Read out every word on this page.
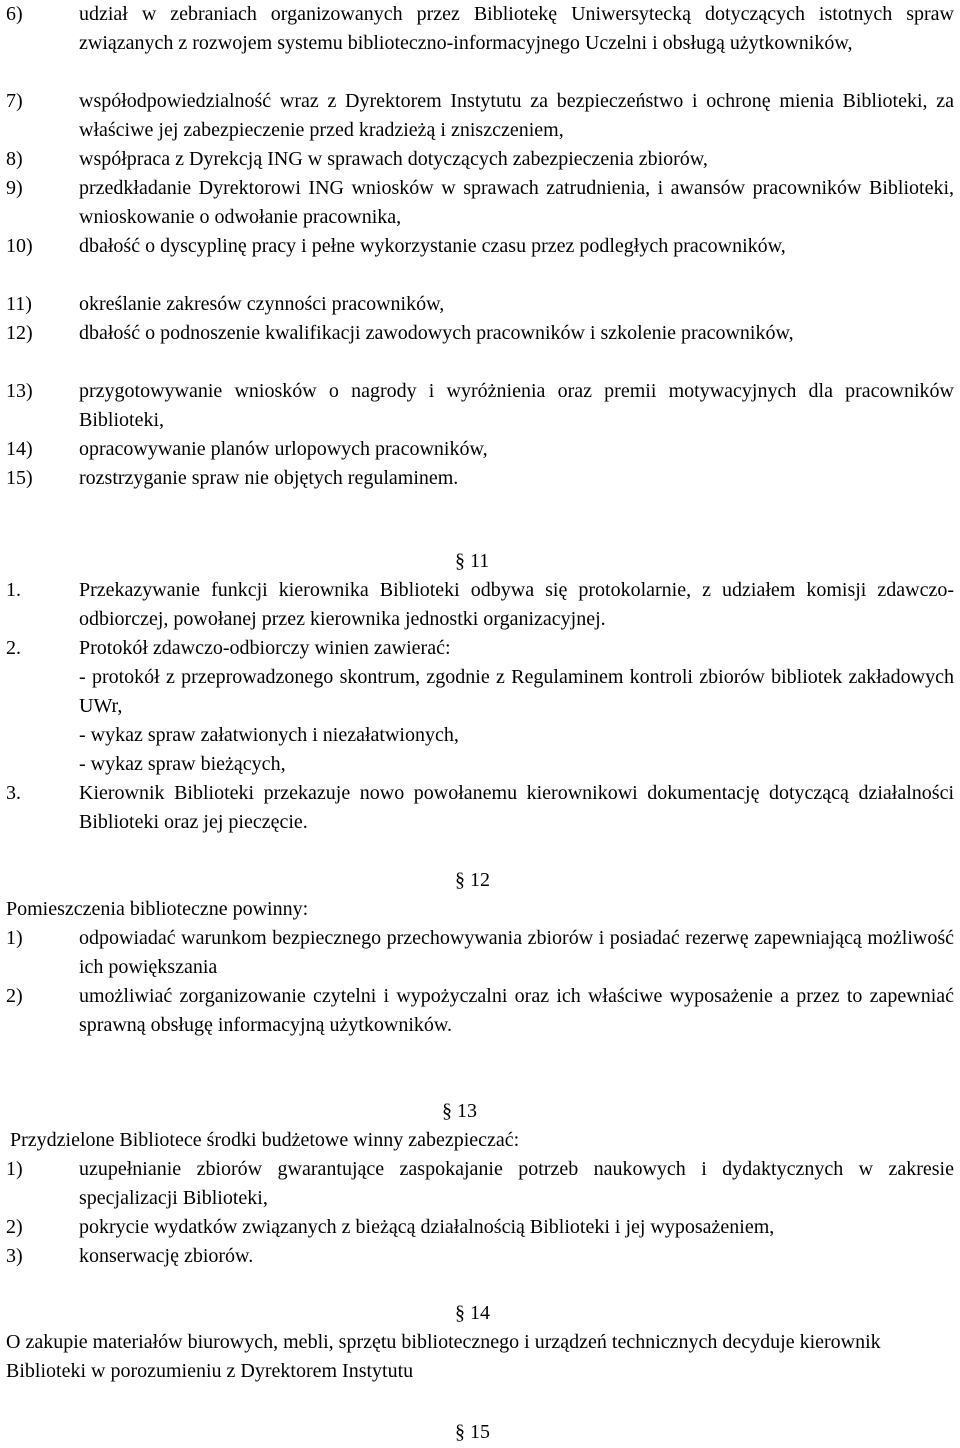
6)	udział w zebraniach organizowanych przez Bibliotekę Uniwersytecką dotyczących istotnych spraw związanych z rozwojem systemu biblioteczno-informacyjnego Uczelni i obsługą użytkowników,
7)	współodpowiedzialność wraz z Dyrektorem Instytutu za bezpieczeństwo i ochronę mienia Biblioteki, za właściwe jej zabezpieczenie przed kradzieżą i zniszczeniem,
8)	współpraca z Dyrekcją ING w sprawach dotyczących zabezpieczenia zbiorów,
9)	przedkładanie Dyrektorowi ING wniosków w sprawach zatrudnienia, i awansów pracowników Biblioteki, wnioskowanie o odwołanie pracownika,
10)	dbałość o dyscyplinę pracy i pełne wykorzystanie czasu przez podległych pracowników,
11)	określanie zakresów czynności pracowników,
12)	dbałość o podnoszenie kwalifikacji zawodowych pracowników i szkolenie pracowników,
13)	przygotowywanie wniosków o nagrody i wyróżnienia oraz premii motywacyjnych dla pracowników Biblioteki,
14)	opracowywanie planów urlopowych pracowników,
15)	rozstrzyganie spraw nie objętych regulaminem.
§ 11
1.	Przekazywanie funkcji kierownika Biblioteki odbywa się protokolarnie, z udziałem komisji zdawczo-odbiorczej, powołanej przez kierownika jednostki organizacyjnej.
2.	Protokół zdawczo-odbiorczy winien zawierać:
- protokół z przeprowadzonego skontrum, zgodnie z Regulaminem kontroli zbiorów bibliotek zakładowych UWr,
- wykaz spraw załatwionych i niezałatwionych,
- wykaz spraw bieżących,
3.	Kierownik Biblioteki przekazuje nowo powołanemu kierownikowi dokumentację dotyczącą działalności Biblioteki oraz jej pieczęcie.
§ 12
Pomieszczenia biblioteczne powinny:
1)	odpowiadać warunkom bezpiecznego przechowywania zbiorów i posiadać rezerwę zapewniającą możliwość ich powiększania
2)	umożliwiać zorganizowanie czytelni i wypożyczalni oraz ich właściwe wyposażenie a przez to zapewniać sprawną obsługę informacyjną użytkowników.
§ 13
Przydzielone Bibliotece środki budżetowe winny zabezpieczać:
1)	uzupełnianie zbiorów gwarantujące zaspokajanie potrzeb naukowych i dydaktycznych w zakresie specjalizacji Biblioteki,
2)	pokrycie wydatków związanych z bieżącą działalnością Biblioteki i jej wyposażeniem,
3)	konserwację zbiorów.
§ 14
O zakupie materiałów biurowych, mebli, sprzętu bibliotecznego i urządzeń technicznych decyduje kierownik Biblioteki w porozumieniu z Dyrektorem Instytutu
§ 15
